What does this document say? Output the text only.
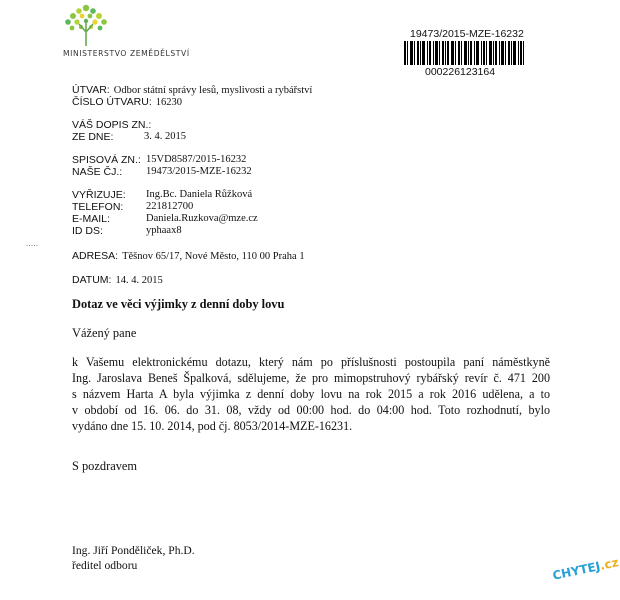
MINISTERSTVO ZEMĚDĚLSTVÍ
19473/2015-MZE-16232
000226123164
ÚTVAR: Odbor státní správy lesů, myslivosti a rybářství
ČÍSLO ÚTVARU: 16230
VÁŠ DOPIS ZN.:
ZE DNE:	3. 4. 2015
SPISOVÁ ZN.: 15VD8587/2015-16232
NAŠE ČJ.: 19473/2015-MZE-16232
VYŘIZUJE: Ing.Bc. Daniela Růžková
TELEFON: 221812700
E-MAIL:	Daniela.Ruzkova@mze.cz
ID DS:	yphaax8
.....
ADRESA: Těšnov 65/17, Nové Město, 110 00 Praha 1
DATUM: 14. 4. 2015
Dotaz ve věci výjimky z denní doby lovu
Vážený pane
k Vašemu elektronickému dotazu, který nám po příslušnosti postoupila paní náměstkyně
Ing. Jaroslava Beneš Špalková, sdělujeme, že pro mimopstruhový rybářský revír č. 471 200
s názvem Harta A byla výjimka z denní doby lovu na rok 2015 a rok 2016 udělena, a to
v období od 16. 06. do 31. 08, vždy od 00:00 hod. do 04:00 hod. Toto rozhodnutí, bylo
vydáno dne 15. 10. 2014, pod čj. 8053/2014-MZE-16231.
S pozdravem
Ing. Jiří Ponděliček, Ph.D.
ředitel odboru	CHYTEJ.cz
